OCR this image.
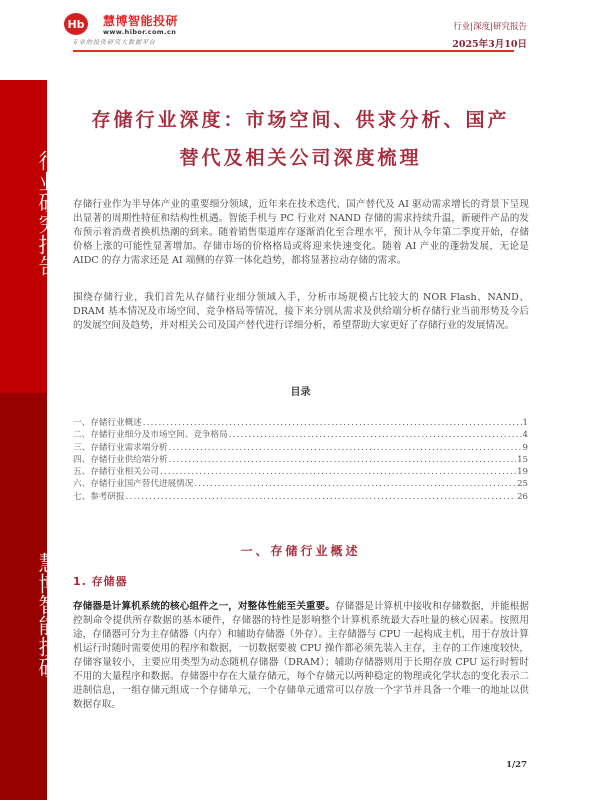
行业研究报告
慧博智能投研
Hb 慧博智能投研
www.hibor.com.cn
专业的投资研究大数据平台
行业|深度|研究报告
2025年3月10日
存储行业深度：市场空间、供求分析、国产
替代及相关公司深度梳理

存储行业作为半导体产业的重要细分领域，近年来在技术迭代、国产替代及 AI 驱动需求增长的背景下呈现出显著的周期性特征和结构性机遇。智能手机与 PC 行业对 NAND 存储的需求持续升温，新硬件产品的发布预示着消费者换机热潮的到来。随着销售渠道库存逐渐消化至合理水平，预计从今年第二季度开始，存储价格上涨的可能性显著增加。存储市场的价格格局或将迎来快速变化。随着 AI 产业的蓬勃发展，无论是 AIDC 的存力需求还是 AI 端侧的存算一体化趋势，都将显著拉动存储的需求。

围绕存储行业，我们首先从存储行业细分领域入手，分析市场规模占比较大的 NOR Flash、NAND、DRAM 基本情况及市场空间、竞争格局等情况，接下来分别从需求及供给端分析存储行业当前形势及今后的发展空间及趋势，并对相关公司及国产替代进行详细分析，希望帮助大家更好了存储行业的发展情况。

目录
一、存储行业概述 .....	1
二、存储行业细分及市场空间、竞争格局 .....	4
三、存储行业需求端分析 .....	9
四、存储行业供给端分析 .....	15
五、存储行业相关公司 .....	19
六、存储行业国产替代进展情况 .....	25
七、参考研报 .....	26
一、存储行业概述
1. 存储器

存储器是计算机系统的核心组件之一，对整体性能至关重要。存储器是计算机中接收和存储数据，并能根据控制命令提供所存数据的基本硬件，存储器的特性是影响整个计算机系统最大吞吐量的核心因素。按照用途，存储器可分为主存储器（内存）和辅助存储器（外存）。主存储器与 CPU 一起构成主机，用于存放计算机运行时随时需要使用的程序和数据，一切数据要被 CPU 操作都必须先装入主存，主存的工作速度较快，存储容量较小，主要应用类型为动态随机存储器（DRAM）；辅助存储器则用于长期存放 CPU 运行时暂时不用的大量程序和数据。存储器中存在大量存储元，每个存储元以两种稳定的物理或化学状态的变化表示二进制信息，一组存储元组成一个存储单元，一个存储单元通常可以存放一个字节并具备一个唯一的地址以供数据存取。

1/27
